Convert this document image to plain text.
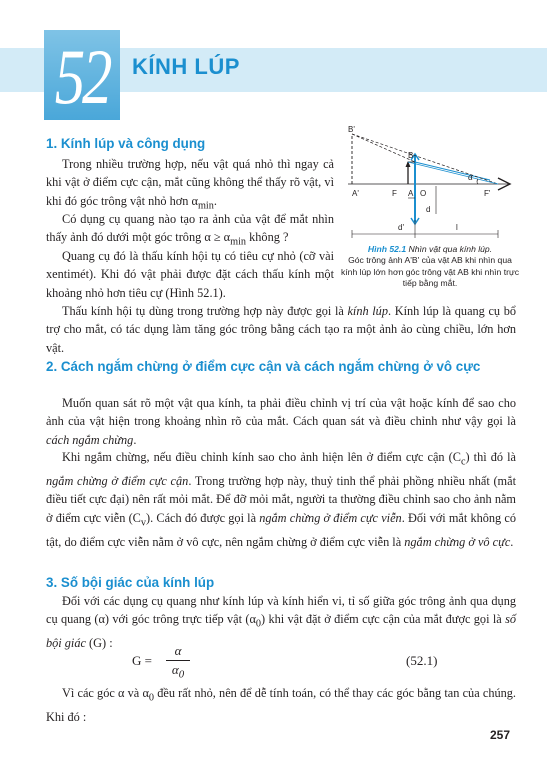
52 KÍNH LÚP
1. Kính lúp và công dụng
Trong nhiều trường hợp, nếu vật quá nhỏ thì ngay cả khi vật ở điểm cực cận, mắt cũng không thể thấy rõ vật, vì khi đó góc trông vật nhỏ hơn $\alpha_{min}$.
Có dụng cụ quang nào tạo ra ảnh của vật để mắt nhìn thấy ảnh đó dưới một góc trông $\alpha \ge \alpha_{min}$ không ?
Quang cụ đó là thấu kính hội tụ có tiêu cự nhỏ (cỡ vài xentimét). Khi đó vật phải được đặt cách thấu kính một khoảng nhỏ hơn tiêu cự (Hình 52.1).
Thấu kính hội tụ dùng trong trường hợp này được gọi là kính lúp. Kính lúp là quang cụ bổ trợ cho mắt, có tác dụng làm tăng góc trông bằng cách tạo ra một ảnh ảo cùng chiều, lớn hơn vật.
B'
B
A'	F A O	F'
α
d
d'	l
Hình 52.1 Nhìn vật qua kính lúp.
Góc trông ảnh A'B' của vật AB khi nhìn qua kính lúp lớn hơn góc trông vật AB khi nhìn trực tiếp bằng mắt.
2. Cách ngắm chừng ở điểm cực cận và cách ngắm chừng ở vô cực
Muốn quan sát rõ một vật qua kính, ta phải điều chỉnh vị trí của vật hoặc kính để sao cho ảnh của vật hiện trong khoảng nhìn rõ của mắt. Cách quan sát và điều chỉnh như vậy gọi là cách ngắm chừng.
Khi ngắm chừng, nếu điều chỉnh kính sao cho ảnh hiện lên ở điểm cực cận $(C_c)$ thì đó là ngắm chừng ở điểm cực cận. Trong trường hợp này, thuỷ tinh thể phải phồng nhiều nhất (mắt điều tiết cực đại) nên rất mỏi mắt. Để đỡ mỏi mắt, người ta thường điều chỉnh sao cho ảnh nằm ở điểm cực viễn $(C_v)$. Cách đó được gọi là ngắm chừng ở điểm cực viễn. Đối với mắt không có tật, do điểm cực viễn nằm ở vô cực, nên ngắm chừng ở điểm cực viễn là ngắm chừng ở vô cực.
3. Số bội giác của kính lúp
Đối với các dụng cụ quang như kính lúp và kính hiển vi, tỉ số giữa góc trông ảnh qua dụng cụ quang (α) với góc trông trực tiếp vật $(\alpha_0)$ khi vật đặt ở điểm cực cận của mắt được gọi là số bội giác (G) :
G =
α
$\alpha_0$
(52.1)
Vì các góc α và $\alpha_0$ đều rất nhỏ, nên để dễ tính toán, có thể thay các góc bằng tan của chúng. Khi đó :
257
